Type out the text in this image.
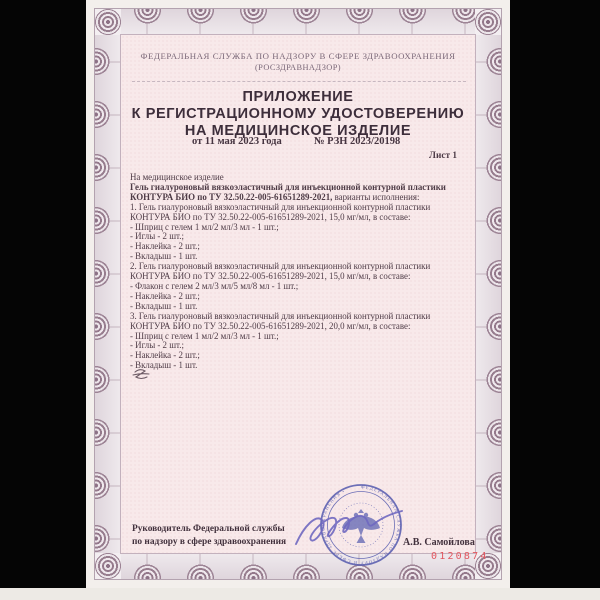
ФЕДЕРАЛЬНАЯ СЛУЖБА ПО НАДЗОРУ В СФЕРЕ ЗДРАВООХРАНЕНИЯ
(РОСЗДРАВНАДЗОР)
ПРИЛОЖЕНИЕ
К РЕГИСТРАЦИОННОМУ УДОСТОВЕРЕНИЮ
НА МЕДИЦИНСКОЕ ИЗДЕЛИЕ
от 11 мая 2023 года	№ РЗН 2023/20198
Лист 1
На медицинское изделие
Гель гиалуроновый вязкоэластичный для инъекционной контурной пластики
КОНТУРА БИО по ТУ 32.50.22-005-61651289-2021, варианты исполнения:
1. Гель гиалуроновый вязкоэластичный для инъекционной контурной пластики
КОНТУРА БИО по ТУ 32.50.22-005-61651289-2021, 15,0 мг/мл, в составе:
- Шприц с гелем 1 мл/2 мл/3 мл - 1 шт.;
- Иглы - 2 шт.;
- Наклейка - 2 шт.;
- Вкладыш - 1 шт.
2. Гель гиалуроновый вязкоэластичный для инъекционной контурной пластики
КОНТУРА БИО по ТУ 32.50.22-005-61651289-2021, 15,0 мг/мл, в составе:
- Флакон с гелем 2 мл/3 мл/5 мл/8 мл - 1 шт.;
- Наклейка - 2 шт.;
- Вкладыш - 1 шт.
3. Гель гиалуроновый вязкоэластичный для инъекционной контурной пластики
КОНТУРА БИО по ТУ 32.50.22-005-61651289-2021, 20,0 мг/мл, в составе:
- Шприц с гелем 1 мл/2 мл/3 мл - 1 шт.;
- Иглы - 2 шт.;
- Наклейка - 2 шт.;
- Вкладыш - 1 шт.
Руководитель Федеральной службы
по надзору в сфере здравоохранения
ФЕДЕРАЛЬНАЯ СЛУЖБА ПО НАДЗОРУ В СФЕРЕ ЗДРАВООХРАНЕНИЯ •
А.В. Самойлова
0120874
